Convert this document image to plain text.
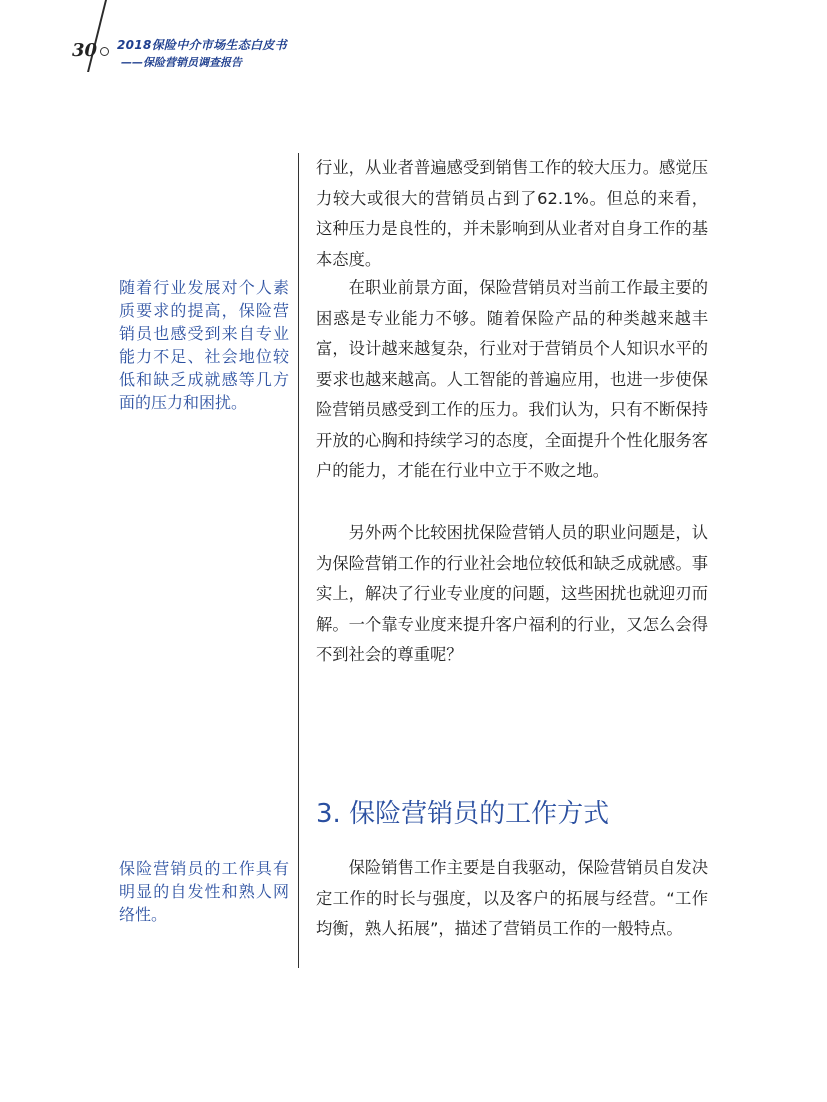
30 2018保险中介市场生态白皮书
——保险营销员调查报告
随着行业发展对个人素质要求的提高，保险营销员也感受到来自专业能力不足、社会地位较低和缺乏成就感等几方面的压力和困扰。
保险营销员的工作具有明显的自发性和熟人网络性。

行业，从业者普遍感受到销售工作的较大压力。感觉压力较大或很大的营销员占到了62.1%。但总的来看，这种压力是良性的，并未影响到从业者对自身工作的基本态度。

在职业前景方面，保险营销员对当前工作最主要的困惑是专业能力不够。随着保险产品的种类越来越丰富，设计越来越复杂，行业对于营销员个人知识水平的要求也越来越高。人工智能的普遍应用，也进一步使保险营销员感受到工作的压力。我们认为，只有不断保持开放的心胸和持续学习的态度，全面提升个性化服务客户的能力，才能在行业中立于不败之地。

另外两个比较困扰保险营销人员的职业问题是，认为保险营销工作的行业社会地位较低和缺乏成就感。事实上，解决了行业专业度的问题，这些困扰也就迎刃而解。一个靠专业度来提升客户福利的行业，又怎么会得不到社会的尊重呢？

3. 保险营销员的工作方式

保险销售工作主要是自我驱动，保险营销员自发决定工作的时长与强度，以及客户的拓展与经营。“工作均衡，熟人拓展”，描述了营销员工作的一般特点。
